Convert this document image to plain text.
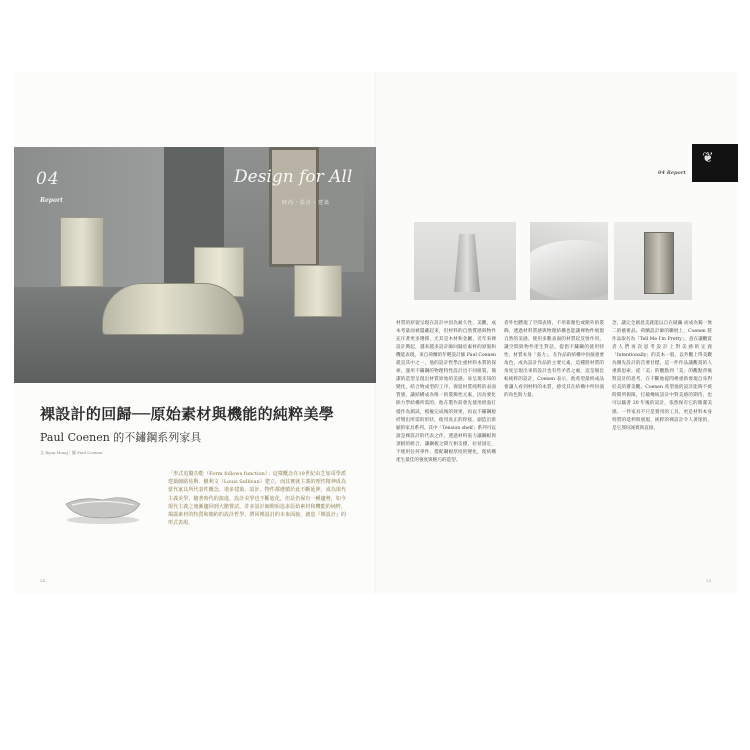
04
Report
Design for All
時尚・設計・建築
裸設計的回歸──原始素材與機能的純粹美學
Paul Coenen 的不鏽鋼系列家具
文 Ryan Hung｜圖 Paul Coenen
「形式追隨功能（Form follows function）」這樣概念在19世紀由芝加哥學派建築師路易斯．蘇利文（Louis Sullivan）建立，而其實就主義的理性精神成為當代家具所代表性概念，诸多建築、設計、物件都遵循於此不斷延伸，成為現代主義美學，隨著時代的演進，設計美學也不斷進化，但是仍保有一種趨勢，如今現代主義之後漸趨回到大膽嘗試，許多設計師開始追求原始素材和機能的純粹，揭露素材的特質和簡約的設計哲學，帶回裸設計的本來面貌，創造『裸設計』的形式表現。
24
❦
04 Report
材質的原貌呈現在設計中因為耐久性、美觀，成本考量而被隱藏起來，但材料的自然質感與物件充斥著更多選擇，尤其是木材和金屬，近年來裸設計興起，越來越多設計師回歸於素材的原貌和機能表現，來自荷蘭的年輕設計師 Paul Coenen 就是其中之一，他的設計哲學注重材料本質的探索，運用不鏽鋼的物理特性設計出不同組裝，簡潔的造型呈現出材質原始的美感。易呈現未知的變化，結合物成型的工序，保留材質純粹的表面質感，讓結構成為唯一的裝飾性元素，因為要化除力學結構所需的，他在製作前會先使用紙張打樣作為測試，模擬完成後的效果，再以不鏽鋼板折彎出所需的形狀，使用真正的焊接，創造出新穎的家具系列。其中「Tension shelf」系列可以說是裸設計的代表之作，透過材料張力讓鋼板與頂板的組合，讓鋼板之間互相支撐，拉扯固定，不使用任何零件，搭配鋼板厚度的變化，使結構產生最佳的強度與輕巧的造型。
者外也體現了空間表情，不用靠顏色或額外的裝飾，透過材料質感與物理結構也能讓裸物件展現自然的美感，使用多數表面的材質起反射作用，讓空間與物件產生對話，提倡不鏽鋼的使用特性，材質本身「張力」，在作品的結構中扮演重要角色，成為設計作品的主要元素，這種將材質的角度呈現出來的設計也有些矛盾之處，這是個比較純粹的設計，Coenen 表示，他希望最終成品會讓人看到材料的本質，感受其在結構中所扮演的角色與力量。
念，讓完全創意美就能以自在破繭 而成為獨一無二的藝術品。荷蘭設計師的聯展上，Coenen 將作品取名為「Tell Me I'm Pretty」，意在讓觀賞者人們再次思考設計上對美感的定義「Intentionally」的美本一般，以外觀上得美觀為優先設計的首要目標，這一件作品讓觀賞的人重新思索，從「美」的觀點到「美」的觀點背後對設計的思考，在不斷地提問裡重新發現自身對於美的審美觀。Coenen 希望他的設計能夠不被時間所侷限，打破傳統設計中對美感的期待，也可以隨著 20 年後的設計，依然保有它的簡潔美感，一件家具不只是實用的工具，更是材料本身特質的延伸與展現，純粹的裸設計令人著迷的，是它那份誠實與直接。
25
